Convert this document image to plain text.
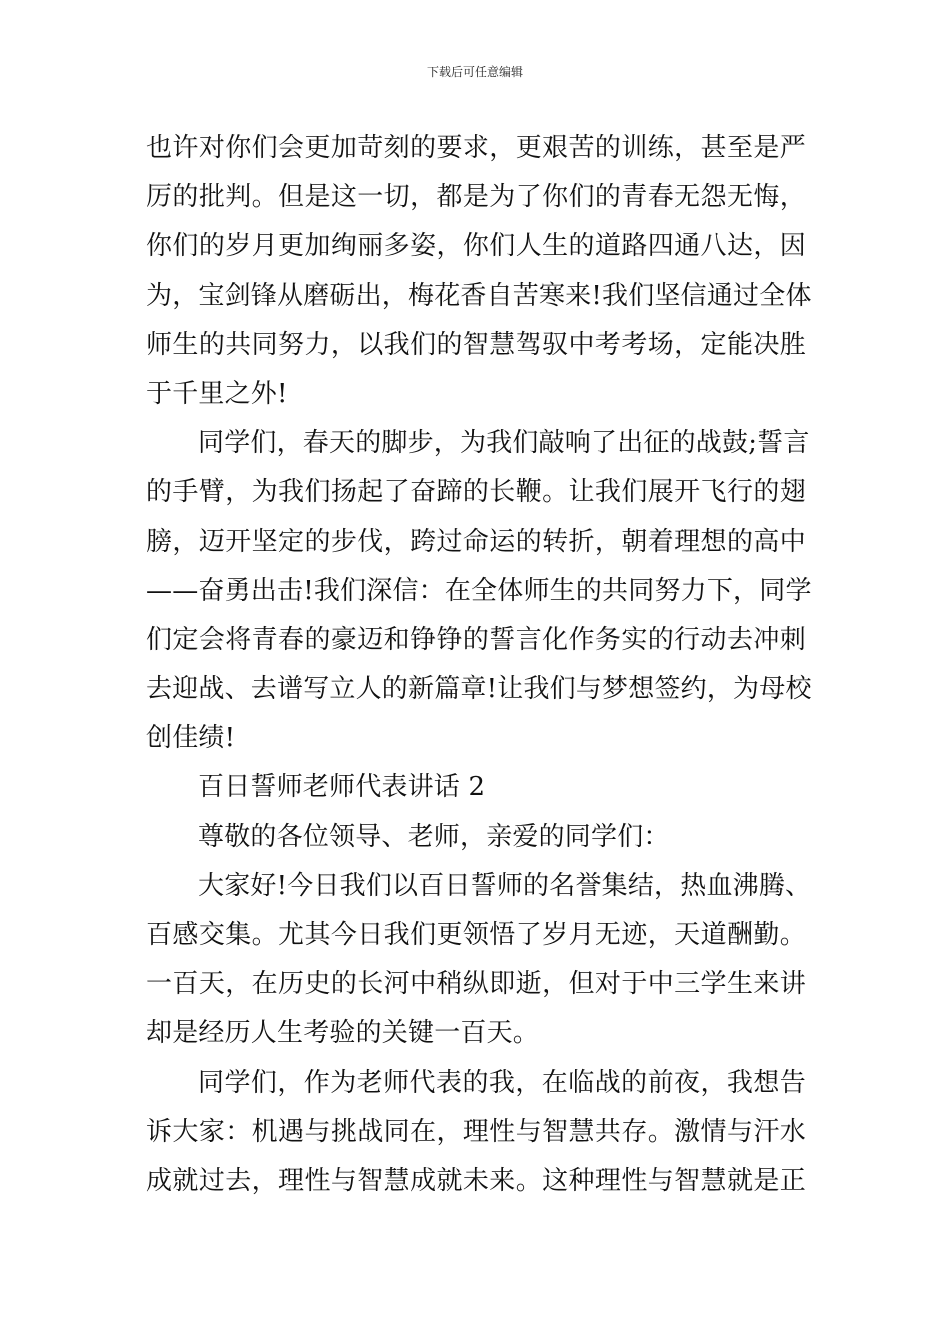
下载后可任意编辑
也许对你们会更加苛刻的要求，更艰苦的训练，甚至是严
厉的批判。但是这一切，都是为了你们的青春无怨无悔，
你们的岁月更加绚丽多姿，你们人生的道路四通八达，因
为，宝剑锋从磨砺出，梅花香自苦寒来!我们坚信通过全体
师生的共同努力，以我们的智慧驾驭中考考场，定能决胜
于千里之外!
同学们，春天的脚步，为我们敲响了出征的战鼓;誓言
的手臂，为我们扬起了奋蹄的长鞭。让我们展开飞行的翅
膀，迈开坚定的步伐，跨过命运的转折，朝着理想的高中
——奋勇出击!我们深信：在全体师生的共同努力下，同学
们定会将青春的豪迈和铮铮的誓言化作务实的行动去冲刺
去迎战、去谱写立人的新篇章!让我们与梦想签约，为母校
创佳绩!
百日誓师老师代表讲话 2
尊敬的各位领导、老师，亲爱的同学们：
大家好!今日我们以百日誓师的名誉集结，热血沸腾、
百感交集。尤其今日我们更领悟了岁月无迹，天道酬勤。
一百天，在历史的长河中稍纵即逝，但对于中三学生来讲
却是经历人生考验的关键一百天。
同学们，作为老师代表的我，在临战的前夜，我想告
诉大家：机遇与挑战同在，理性与智慧共存。激情与汗水
成就过去，理性与智慧成就未来。这种理性与智慧就是正
